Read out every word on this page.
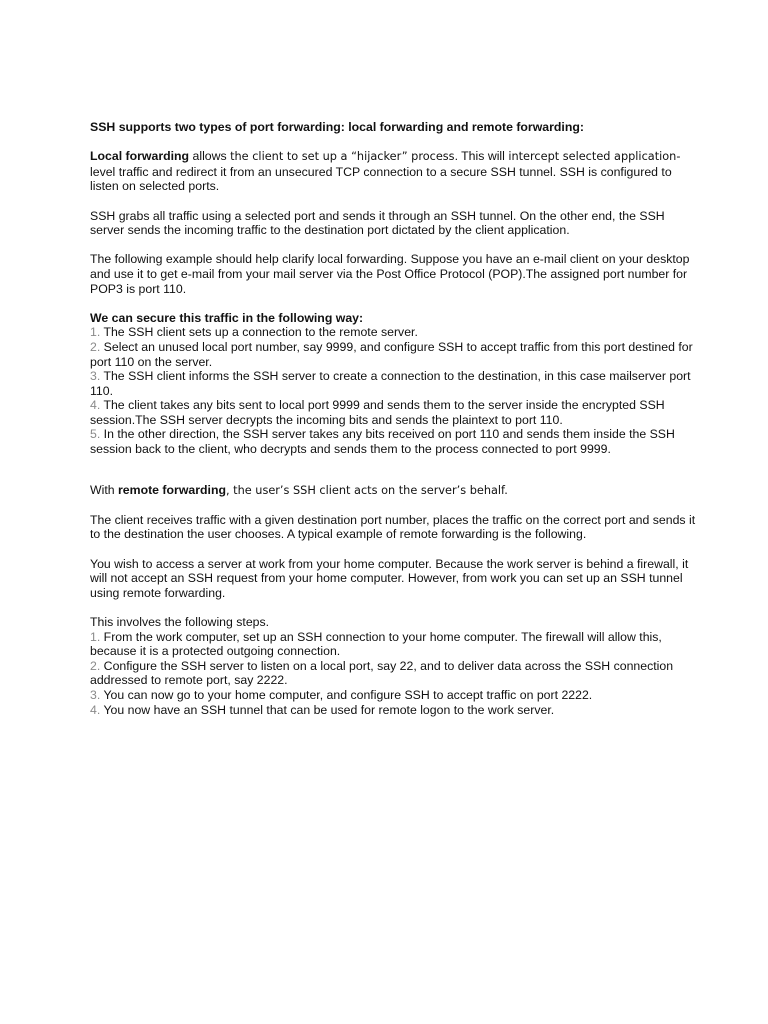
SSH supports two types of port forwarding: local forwarding and remote forwarding:

Local forwarding allows the client to set up a “hijacker” process. This will intercept selected application-level traffic and redirect it from an unsecured TCP connection to a secure SSH tunnel. SSH is configured to listen on selected ports.

SSH grabs all traffic using a selected port and sends it through an SSH tunnel. On the other end, the SSH server sends the incoming traffic to the destination port dictated by the client application.

The following example should help clarify local forwarding. Suppose you have an e-mail client on your desktop and use it to get e-mail from your mail server via the Post Office Protocol (POP).The assigned port number for POP3 is port 110.

We can secure this traffic in the following way:

1. The SSH client sets up a connection to the remote server.
2. Select an unused local port number, say 9999, and configure SSH to accept traffic from this port destined for port 110 on the server.
3. The SSH client informs the SSH server to create a connection to the destination, in this case mailserver port 110.
4. The client takes any bits sent to local port 9999 and sends them to the server inside the encrypted SSH session.The SSH server decrypts the incoming bits and sends the plaintext to port 110.
5. In the other direction, the SSH server takes any bits received on port 110 and sends them inside the SSH session back to the client, who decrypts and sends them to the process connected to port 9999.

With remote forwarding, the user’s SSH client acts on the server’s behalf.

The client receives traffic with a given destination port number, places the traffic on the correct port and sends it to the destination the user chooses. A typical example of remote forwarding is the following.

You wish to access a server at work from your home computer. Because the work server is behind a firewall, it will not accept an SSH request from your home computer. However, from work you can set up an SSH tunnel using remote forwarding.

This involves the following steps.

1. From the work computer, set up an SSH connection to your home computer. The firewall will allow this, because it is a protected outgoing connection.
2. Configure the SSH server to listen on a local port, say 22, and to deliver data across the SSH connection addressed to remote port, say 2222.
3. You can now go to your home computer, and configure SSH to accept traffic on port 2222.
4. You now have an SSH tunnel that can be used for remote logon to the work server.
